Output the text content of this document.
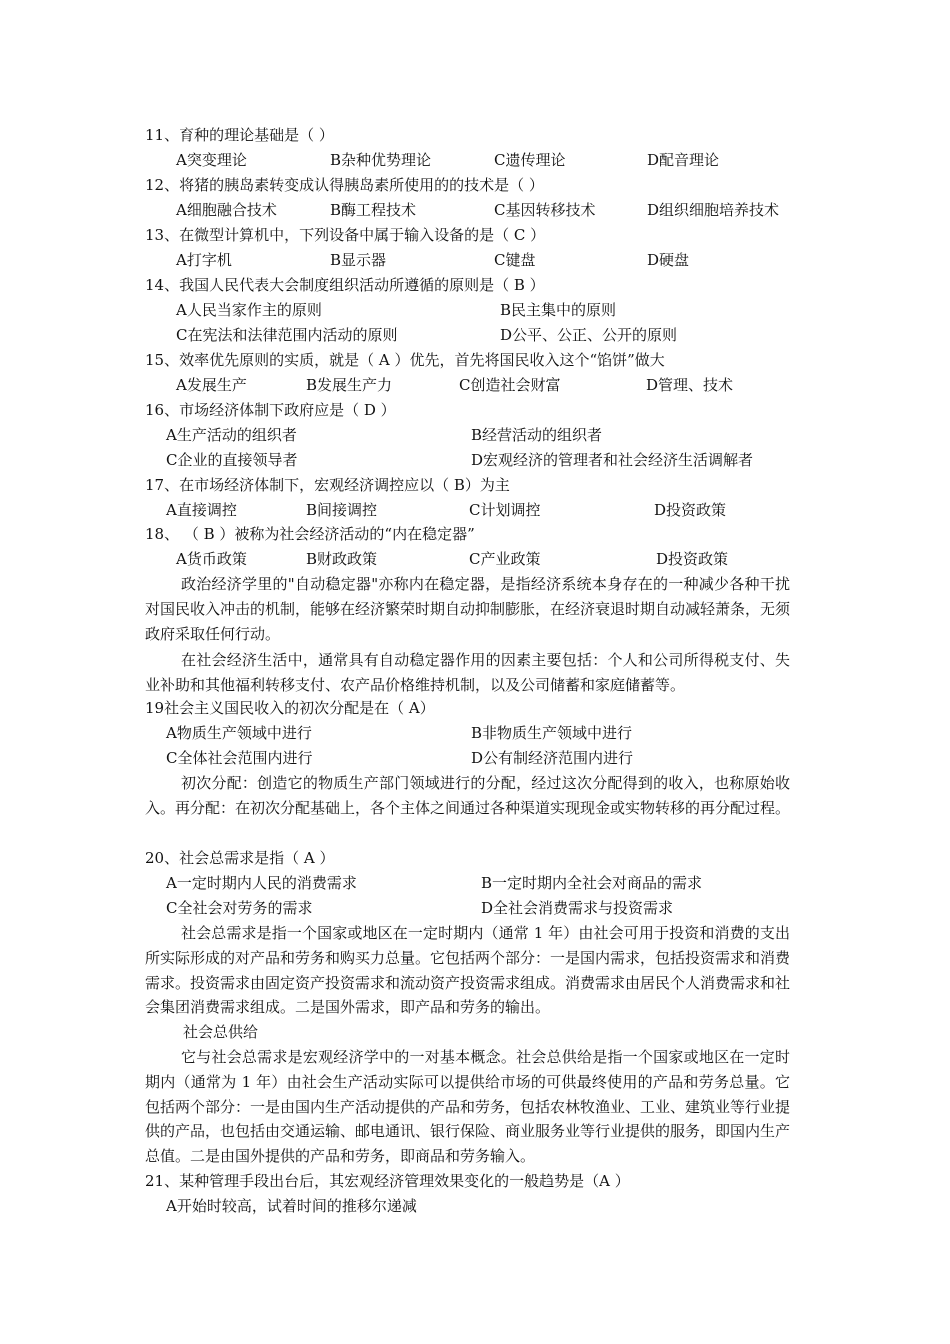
11、育种的理论基础是（ ）
A突变理论	B杂种优势理论	C遗传理论	D配音理论
12、将猪的胰岛素转变成认得胰岛素所使用的的技术是（ ）
A细胞融合技术	B酶工程技术	C基因转移技术	D组织细胞培养技术
13、在微型计算机中，下列设备中属于输入设备的是（ C ）
A打字机	B显示器	C键盘	D硬盘
14、我国人民代表大会制度组织活动所遵循的原则是（ B ）
A人民当家作主的原则	B民主集中的原则
C在宪法和法律范围内活动的原则	D公平、公正、公开的原则
15、效率优先原则的实质，就是（ A ）优先，首先将国民收入这个“馅饼”做大
A发展生产	B发展生产力	C创造社会财富	D管理、技术
16、市场经济体制下政府应是（ D ）
A生产活动的组织者	B经营活动的组织者
C企业的直接领导者	D宏观经济的管理者和社会经济生活调解者
17、在市场经济体制下，宏观经济调控应以（ B）为主
A直接调控	B间接调控	C计划调控	D投资政策
18、 （ B ）被称为社会经济活动的“内在稳定器”
A货币政策	B财政政策	C产业政策	D投资政策
政治经济学里的"自动稳定器"亦称内在稳定器，是指经济系统本身存在的一种减少各种干扰对国民收入冲击的机制，能够在经济繁荣时期自动抑制膨胀，在经济衰退时期自动减轻萧条，无须政府采取任何行动。
在社会经济生活中，通常具有自动稳定器作用的因素主要包括：个人和公司所得税支付、失业补助和其他福利转移支付、农产品价格维持机制，以及公司储蓄和家庭储蓄等。
19社会主义国民收入的初次分配是在（ A）
A物质生产领域中进行	B非物质生产领域中进行
C全体社会范围内进行	D公有制经济范围内进行
初次分配：创造它的物质生产部门领域进行的分配，经过这次分配得到的收入，也称原始收入。再分配：在初次分配基础上，各个主体之间通过各种渠道实现现金或实物转移的再分配过程。
20、社会总需求是指（ A ）
A一定时期内人民的消费需求	B一定时期内全社会对商品的需求
C全社会对劳务的需求	D全社会消费需求与投资需求
社会总需求是指一个国家或地区在一定时期内（通常 1 年）由社会可用于投资和消费的支出所实际形成的对产品和劳务和购买力总量。它包括两个部分：一是国内需求，包括投资需求和消费需求。投资需求由固定资产投资需求和流动资产投资需求组成。消费需求由居民个人消费需求和社会集团消费需求组成。二是国外需求，即产品和劳务的输出。
社会总供给
它与社会总需求是宏观经济学中的一对基本概念。社会总供给是指一个国家或地区在一定时期内（通常为 1 年）由社会生产活动实际可以提供给市场的可供最终使用的产品和劳务总量。它包括两个部分：一是由国内生产活动提供的产品和劳务，包括农林牧渔业、工业、建筑业等行业提供的产品，也包括由交通运输、邮电通讯、银行保险、商业服务业等行业提供的服务，即国内生产总值。二是由国外提供的产品和劳务，即商品和劳务输入。
21、某种管理手段出台后，其宏观经济管理效果变化的一般趋势是（A ）
A开始时较高，试着时间的推移尔递减
